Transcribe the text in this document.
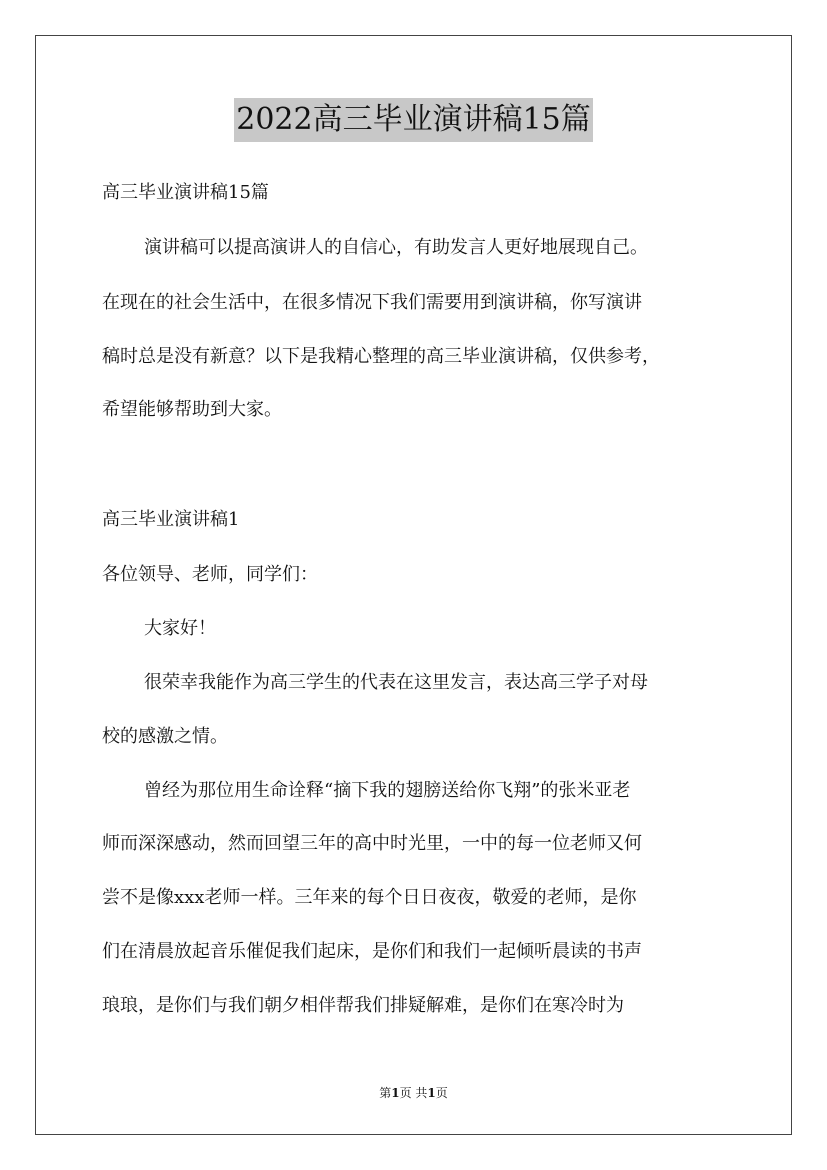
2022高三毕业演讲稿15篇
高三毕业演讲稿15篇
演讲稿可以提高演讲人的自信心，有助发言人更好地展现自己。
在现在的社会生活中，在很多情况下我们需要用到演讲稿，你写演讲
稿时总是没有新意？以下是我精心整理的高三毕业演讲稿，仅供参考，
希望能够帮助到大家。
高三毕业演讲稿1
各位领导、老师，同学们：
大家好！
很荣幸我能作为高三学生的代表在这里发言，表达高三学子对母
校的感激之情。
曾经为那位用生命诠释“摘下我的翅膀送给你飞翔”的张米亚老
师而深深感动，然而回望三年的高中时光里，一中的每一位老师又何
尝不是像xxx老师一样。三年来的每个日日夜夜，敬爱的老师，是你
们在清晨放起音乐催促我们起床，是你们和我们一起倾听晨读的书声
琅琅，是你们与我们朝夕相伴帮我们排疑解难，是你们在寒冷时为
第1页 共1页
